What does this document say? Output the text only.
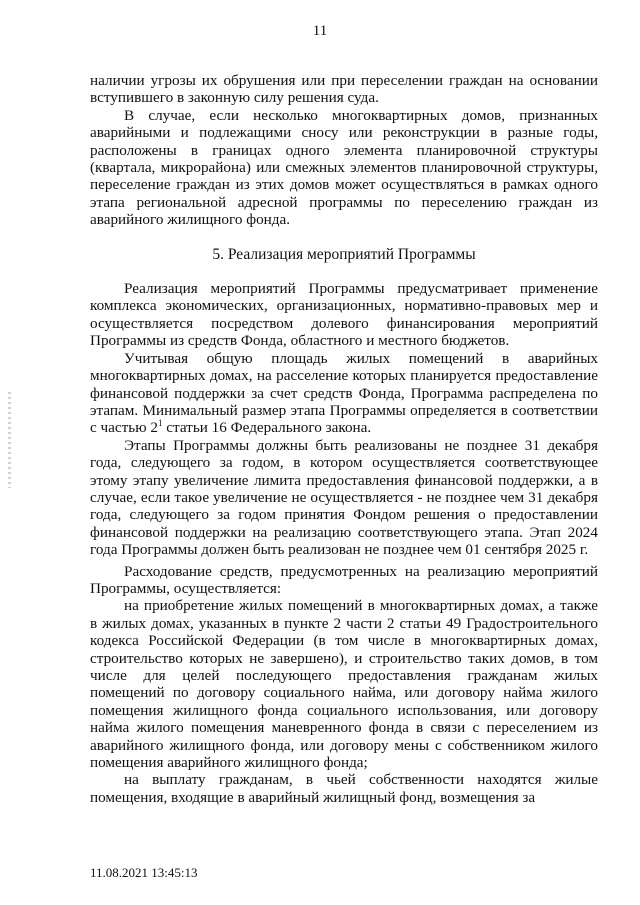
11

наличии угрозы их обрушения или при переселении граждан на основании вступившего в законную силу решения суда.

В случае, если несколько многоквартирных домов, признанных аварийными и подлежащими сносу или реконструкции в разные годы, расположены в границах одного элемента планировочной структуры (квартала, микрорайона) или смежных элементов планировочной структуры, переселение граждан из этих домов может осуществляться в рамках одного этапа региональной адресной программы по переселению граждан из аварийного жилищного фонда.

5. Реализация мероприятий Программы

Реализация мероприятий Программы предусматривает применение комплекса экономических, организационных, нормативно-правовых мер и осуществляется посредством долевого финансирования мероприятий Программы из средств Фонда, областного и местного бюджетов.

Учитывая общую площадь жилых помещений в аварийных многоквартирных домах, на расселение которых планируется предоставление финансовой поддержки за счет средств Фонда, Программа распределена по этапам. Минимальный размер этапа Программы определяется в соответствии с частью $2^1$ статьи 16 Федерального закона.

Этапы Программы должны быть реализованы не позднее 31 декабря года, следующего за годом, в котором осуществляется соответствующее этому этапу увеличение лимита предоставления финансовой поддержки, а в случае, если такое увеличение не осуществляется - не позднее чем 31 декабря года, следующего за годом принятия Фондом решения о предоставлении финансовой поддержки на реализацию соответствующего этапа. Этап 2024 года Программы должен быть реализован не позднее чем 01 сентября 2025 г.

Расходование средств, предусмотренных на реализацию мероприятий Программы, осуществляется:

на приобретение жилых помещений в многоквартирных домах, а также в жилых домах, указанных в пункте 2 части 2 статьи 49 Градостроительного кодекса Российской Федерации (в том числе в многоквартирных домах, строительство которых не завершено), и строительство таких домов, в том числе для целей последующего предоставления гражданам жилых помещений по договору социального найма, или договору найма жилого помещения жилищного фонда социального использования, или договору найма жилого помещения маневренного фонда в связи с переселением из аварийного жилищного фонда, или договору мены с собственником жилого помещения аварийного жилищного фонда;

на выплату гражданам, в чьей собственности находятся жилые помещения, входящие в аварийный жилищный фонд, возмещения за

11.08.2021 13:45:13
